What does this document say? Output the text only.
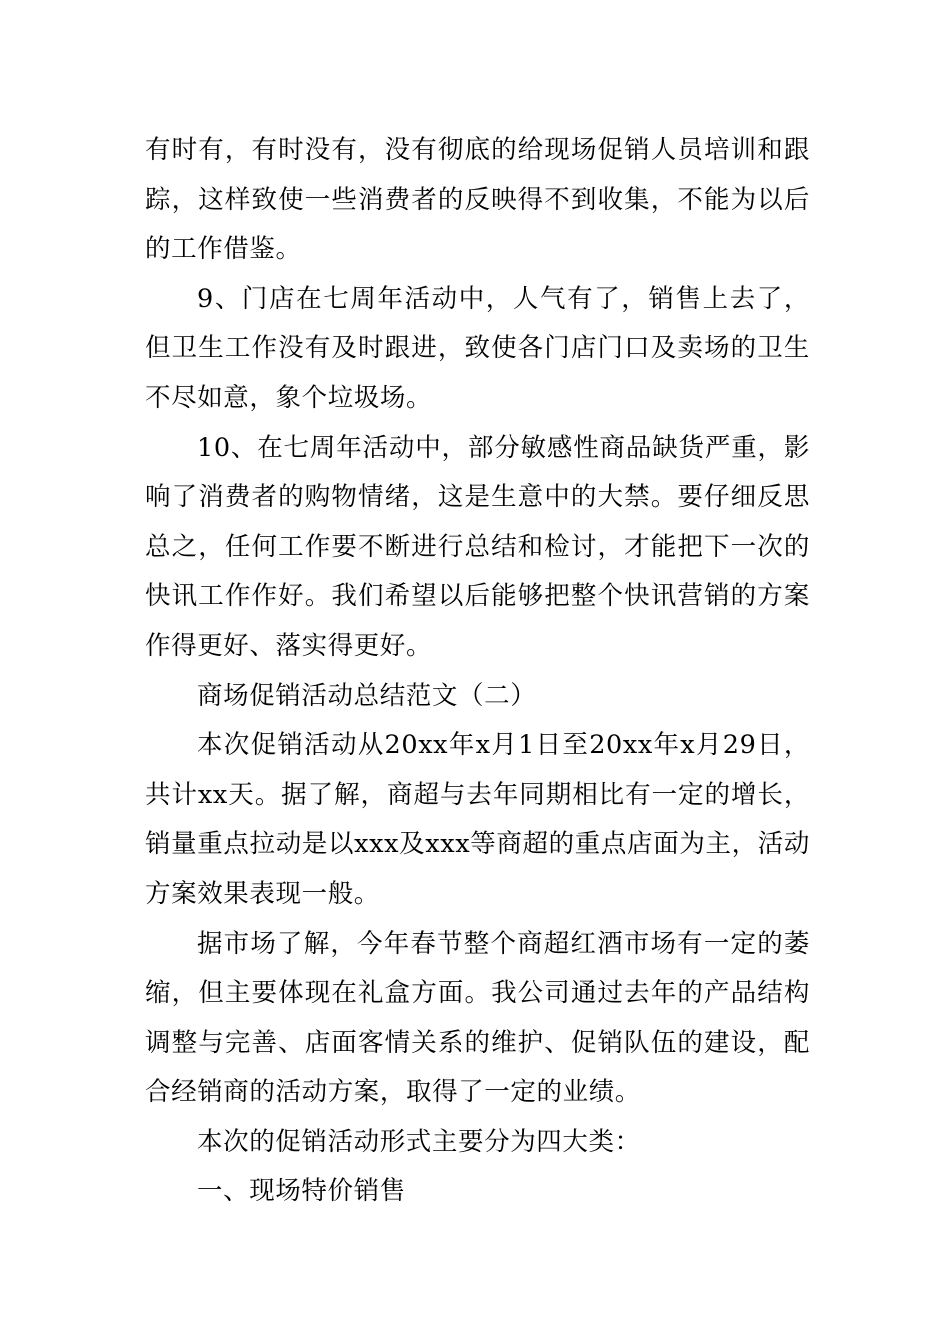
有时有，有时没有，没有彻底的给现场促销人员培训和跟踪，这样致使一些消费者的反映得不到收集，不能为以后的工作借鉴。

9、门店在七周年活动中，人气有了，销售上去了，但卫生工作没有及时跟进，致使各门店门口及卖场的卫生不尽如意，象个垃圾场。

10、在七周年活动中，部分敏感性商品缺货严重，影响了消费者的购物情绪，这是生意中的大禁。要仔细反思总之，任何工作要不断进行总结和检讨，才能把下一次的快讯工作作好。我们希望以后能够把整个快讯营销的方案作得更好、落实得更好。

商场促销活动总结范文（二）

本次促销活动从20xx年x月1日至20xx年x月29日，共计xx天。据了解，商超与去年同期相比有一定的增长，销量重点拉动是以xxx及xxx等商超的重点店面为主，活动方案效果表现一般。

据市场了解，今年春节整个商超红酒市场有一定的萎缩，但主要体现在礼盒方面。我公司通过去年的产品结构调整与完善、店面客情关系的维护、促销队伍的建设，配合经销商的活动方案，取得了一定的业绩。

本次的促销活动形式主要分为四大类：

一、现场特价销售
